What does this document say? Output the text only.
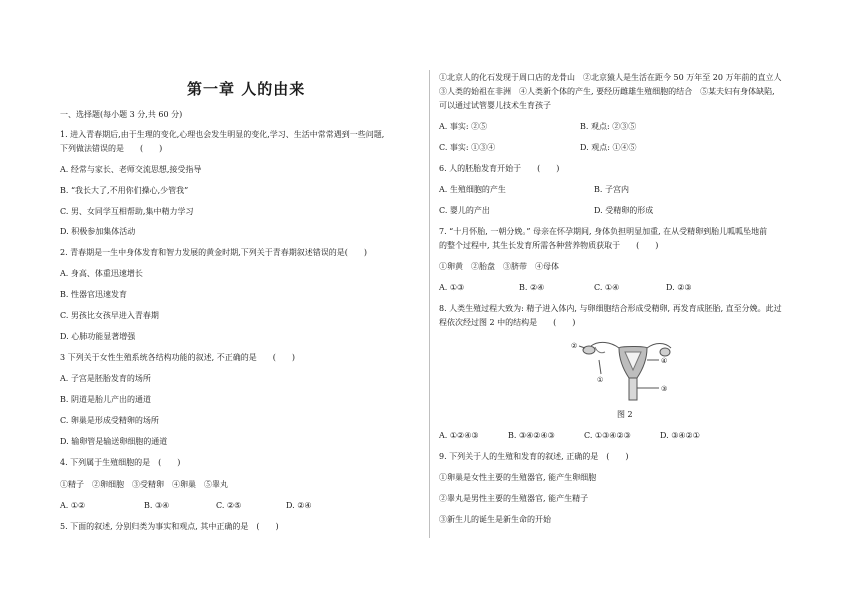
第一章 人的由来
一、选择题(每小题 3 分,共 60 分)
1. 进入青春期后,由于生理的变化,心理也会发生明显的变化,学习、生活中常常遇到一些问题,
下列做法错误的是　　(　　)
A. 经常与家长、老师交流思想,接受指导
B. “我长大了,不用你们操心,少管我”
C. 男、女同学互相帮助,集中精力学习
D. 积极参加集体活动
2. 青春期是一生中身体发育和智力发展的黄金时期,下列关于青春期叙述错误的是(　　)
A. 身高、体重迅速增长
B. 性器官迅速发育
C. 男孩比女孩早进入青春期
D. 心肺功能显著增强
3 下列关于女性生殖系统各结构功能的叙述, 不正确的是　　(　　)
A. 子宫是胚胎发育的场所
B. 阴道是胎儿产出的通道
C. 卵巢是形成受精卵的场所
D. 输卵管是输送卵细胞的通道
4. 下列属于生殖细胞的是　(　　)
①精子　②卵细胞　③受精卵　④卵巢　⑤睾丸
A. ①②	B. ③④	C. ②⑤	D. ②④
5. 下面的叙述, 分别归类为事实和观点, 其中正确的是　(　　)
①北京人的化石发现于周口店的龙骨山　②北京猿人是生活在距今 50 万年至 20 万年前的直立人
③人类的始祖在非洲　④人类新个体的产生, 要经历雌雄生殖细胞的结合　⑤某夫妇有身体缺陷,
可以通过试管婴儿技术生育孩子
A. 事实: ②⑤	B. 观点: ②③⑤
C. 事实: ①③④	D. 观点: ①④⑤
6. 人的胚胎发育开始于　　(　　)
A. 生殖细胞的产生	B. 子宫内
C. 婴儿的产出	D. 受精卵的形成
7. “十月怀胎, 一朝分娩。” 母亲在怀孕期间, 身体负担明显加重, 在从受精卵到胎儿呱呱坠地前
的整个过程中, 其生长发育所需各种营养物质获取于　　(　　)
①卵黄　②胎盘　③脐带　④母体
A. ①③	B. ②④	C. ①④	D. ②③
8. 人类生殖过程大致为: 精子进入体内, 与卵细胞结合形成受精卵, 再发育成胚胎, 直至分娩。此过
程依次经过图 2 中的结构是　　(　　)
②
①
④
③
图 2
A. ①②④③	B. ③④②④③	C. ①③④②③	D. ③④②①
9. 下列关于人的生殖和发育的叙述, 正确的是　(　　)
①卵巢是女性主要的生殖器官, 能产生卵细胞
②睾丸是男性主要的生殖器官, 能产生精子
③新生儿的诞生是新生命的开始
